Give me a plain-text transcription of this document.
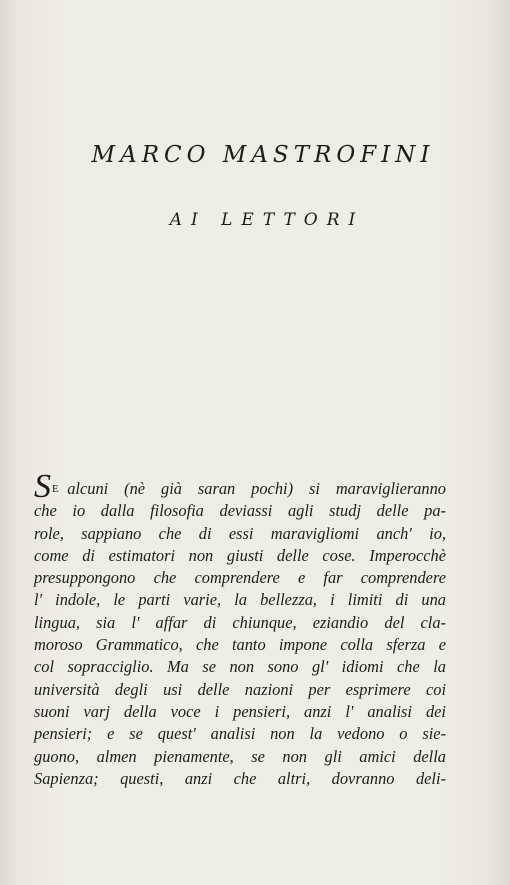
MARCO MASTROFINI
AI LETTORI
S E alcuni (nè già saran pochi) si maraviglieranno
che io dalla filosofia deviassi agli studj delle pa-
role, sappiano che di essi maravigliomi anch' io,
come di estimatori non giusti delle cose. Imperocchè
presuppongono che comprendere e far comprendere
l' indole, le parti varie, la bellezza, i limiti di una
lingua, sia l' affar di chiunque, eziandio del cla-
moroso Grammatico, che tanto impone colla sferza e
col sopracciglio. Ma se non sono gl' idiomi che la
università degli usi delle nazioni per esprimere coi
suoni varj della voce i pensieri, anzi l' analisi dei
pensieri; e se quest' analisi non la vedono o sie-
guono, almen pienamente, se non gli amici della
Sapienza; questi, anzi che altri, dovranno deli-
